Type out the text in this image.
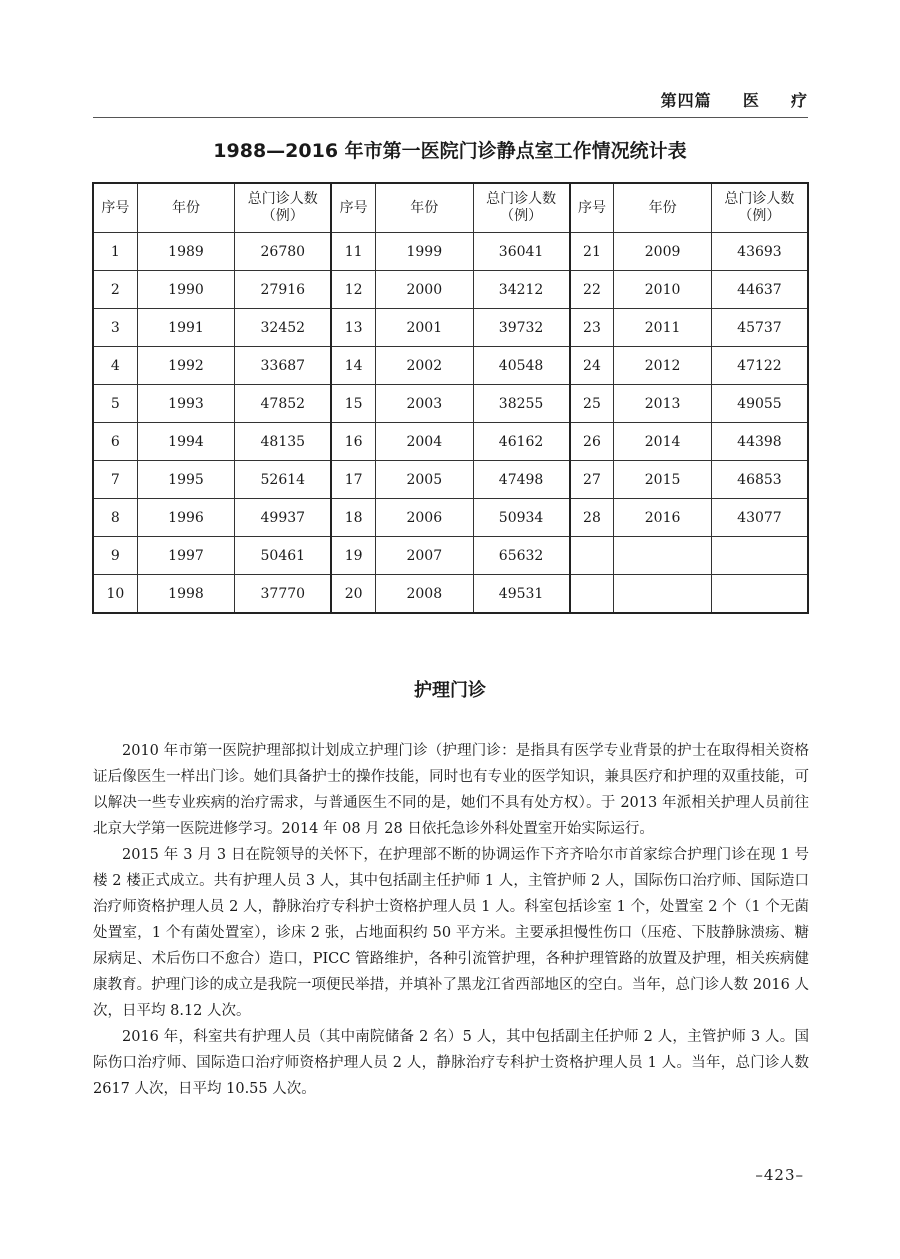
第四篇 医 疗
1988—2016 年市第一医院门诊静点室工作情况统计表
序号	年份	总门诊人数（例）	序号	年份	总门诊人数（例）	序号	年份	总门诊人数（例）
1	1989	26780	11	1999	36041	21	2009	43693
2	1990	27916	12	2000	34212	22	2010	44637
3	1991	32452	13	2001	39732	23	2011	45737
4	1992	33687	14	2002	40548	24	2012	47122
5	1993	47852	15	2003	38255	25	2013	49055
6	1994	48135	16	2004	46162	26	2014	44398
7	1995	52614	17	2005	47498	27	2015	46853
8	1996	49937	18	2006	50934	28	2016	43077
9	1997	50461	19	2007	65632			
10	1998	37770	20	2008	49531			
护理门诊

2010 年市第一医院护理部拟计划成立护理门诊（护理门诊：是指具有医学专业背景的护士在取得相关资格证后像医生一样出门诊。她们具备护士的操作技能，同时也有专业的医学知识，兼具医疗和护理的双重技能，可以解决一些专业疾病的治疗需求，与普通医生不同的是，她们不具有处方权）。于 2013 年派相关护理人员前往北京大学第一医院进修学习。2014 年 08 月 28 日依托急诊外科处置室开始实际运行。

2015 年 3 月 3 日在院领导的关怀下，在护理部不断的协调运作下齐齐哈尔市首家综合护理门诊在现 1 号楼 2 楼正式成立。共有护理人员 3 人，其中包括副主任护师 1 人，主管护师 2 人，国际伤口治疗师、国际造口治疗师资格护理人员 2 人，静脉治疗专科护士资格护理人员 1 人。科室包括诊室 1 个，处置室 2 个（1 个无菌处置室，1 个有菌处置室），诊床 2 张，占地面积约 50 平方米。主要承担慢性伤口（压疮、下肢静脉溃疡、糖尿病足、术后伤口不愈合）造口，PICC 管路维护，各种引流管护理，各种护理管路的放置及护理，相关疾病健康教育。护理门诊的成立是我院一项便民举措，并填补了黑龙江省西部地区的空白。当年，总门诊人数 2016 人次，日平均 8.12 人次。

2016 年，科室共有护理人员（其中南院储备 2 名）5 人，其中包括副主任护师 2 人，主管护师 3 人。国际伤口治疗师、国际造口治疗师资格护理人员 2 人，静脉治疗专科护士资格护理人员 1 人。当年，总门诊人数 2617 人次，日平均 10.55 人次。

–423–
